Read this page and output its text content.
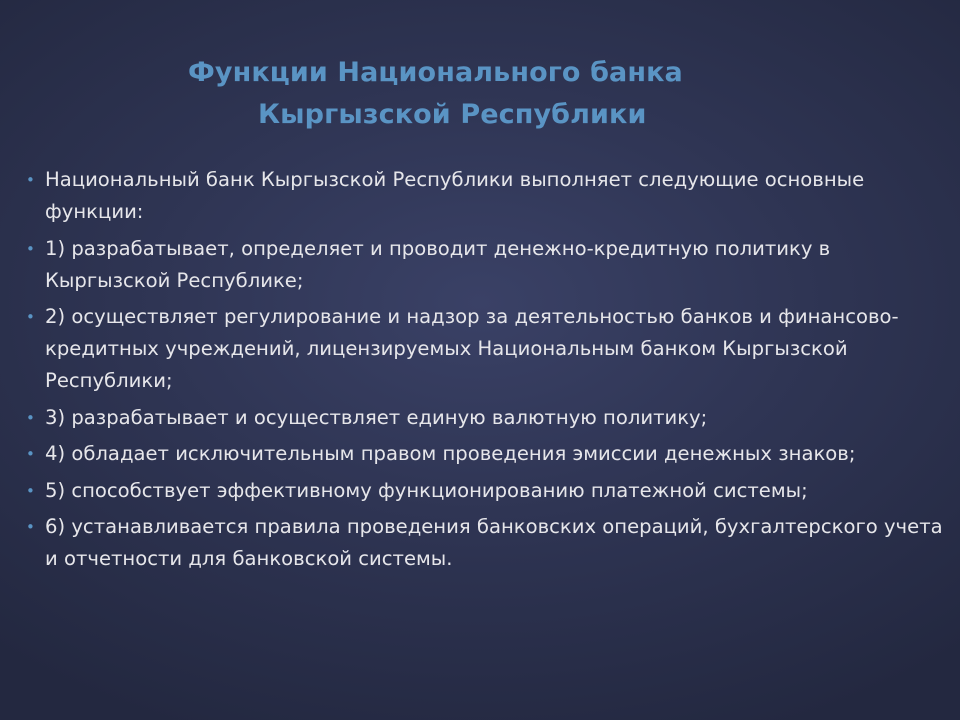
Функции Национального банка
Кыргызской Республики
• Национальный банк Кыргызской Республики выполняет следующие основные функции:
• 1) разрабатывает, определяет и проводит денежно-кредитную политику в Кыргызской Республике;
• 2) осуществляет регулирование и надзор за деятельностью банков и финансово-кредитных учреждений, лицензируемых Национальным банком Кыргызской Республики;
• 3) разрабатывает и осуществляет единую валютную политику;
• 4) обладает исключительным правом проведения эмиссии денежных знаков;
• 5) способствует эффективному функционированию платежной системы;
• 6) устанавливается правила проведения банковских операций, бухгалтерского учета и отчетности для банковской системы.
